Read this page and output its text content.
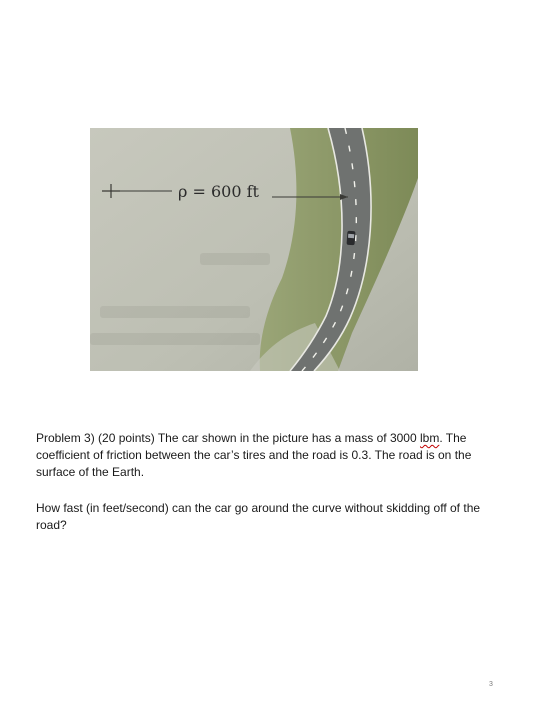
ρ = 600 ft

Problem 3) (20 points) The car shown in the picture has a mass of 3000 lbm. The coefficient of friction between the car’s tires and the road is 0.3. The road is on the surface of the Earth.

How fast (in feet/second) can the car go around the curve without skidding off of the road?

3
